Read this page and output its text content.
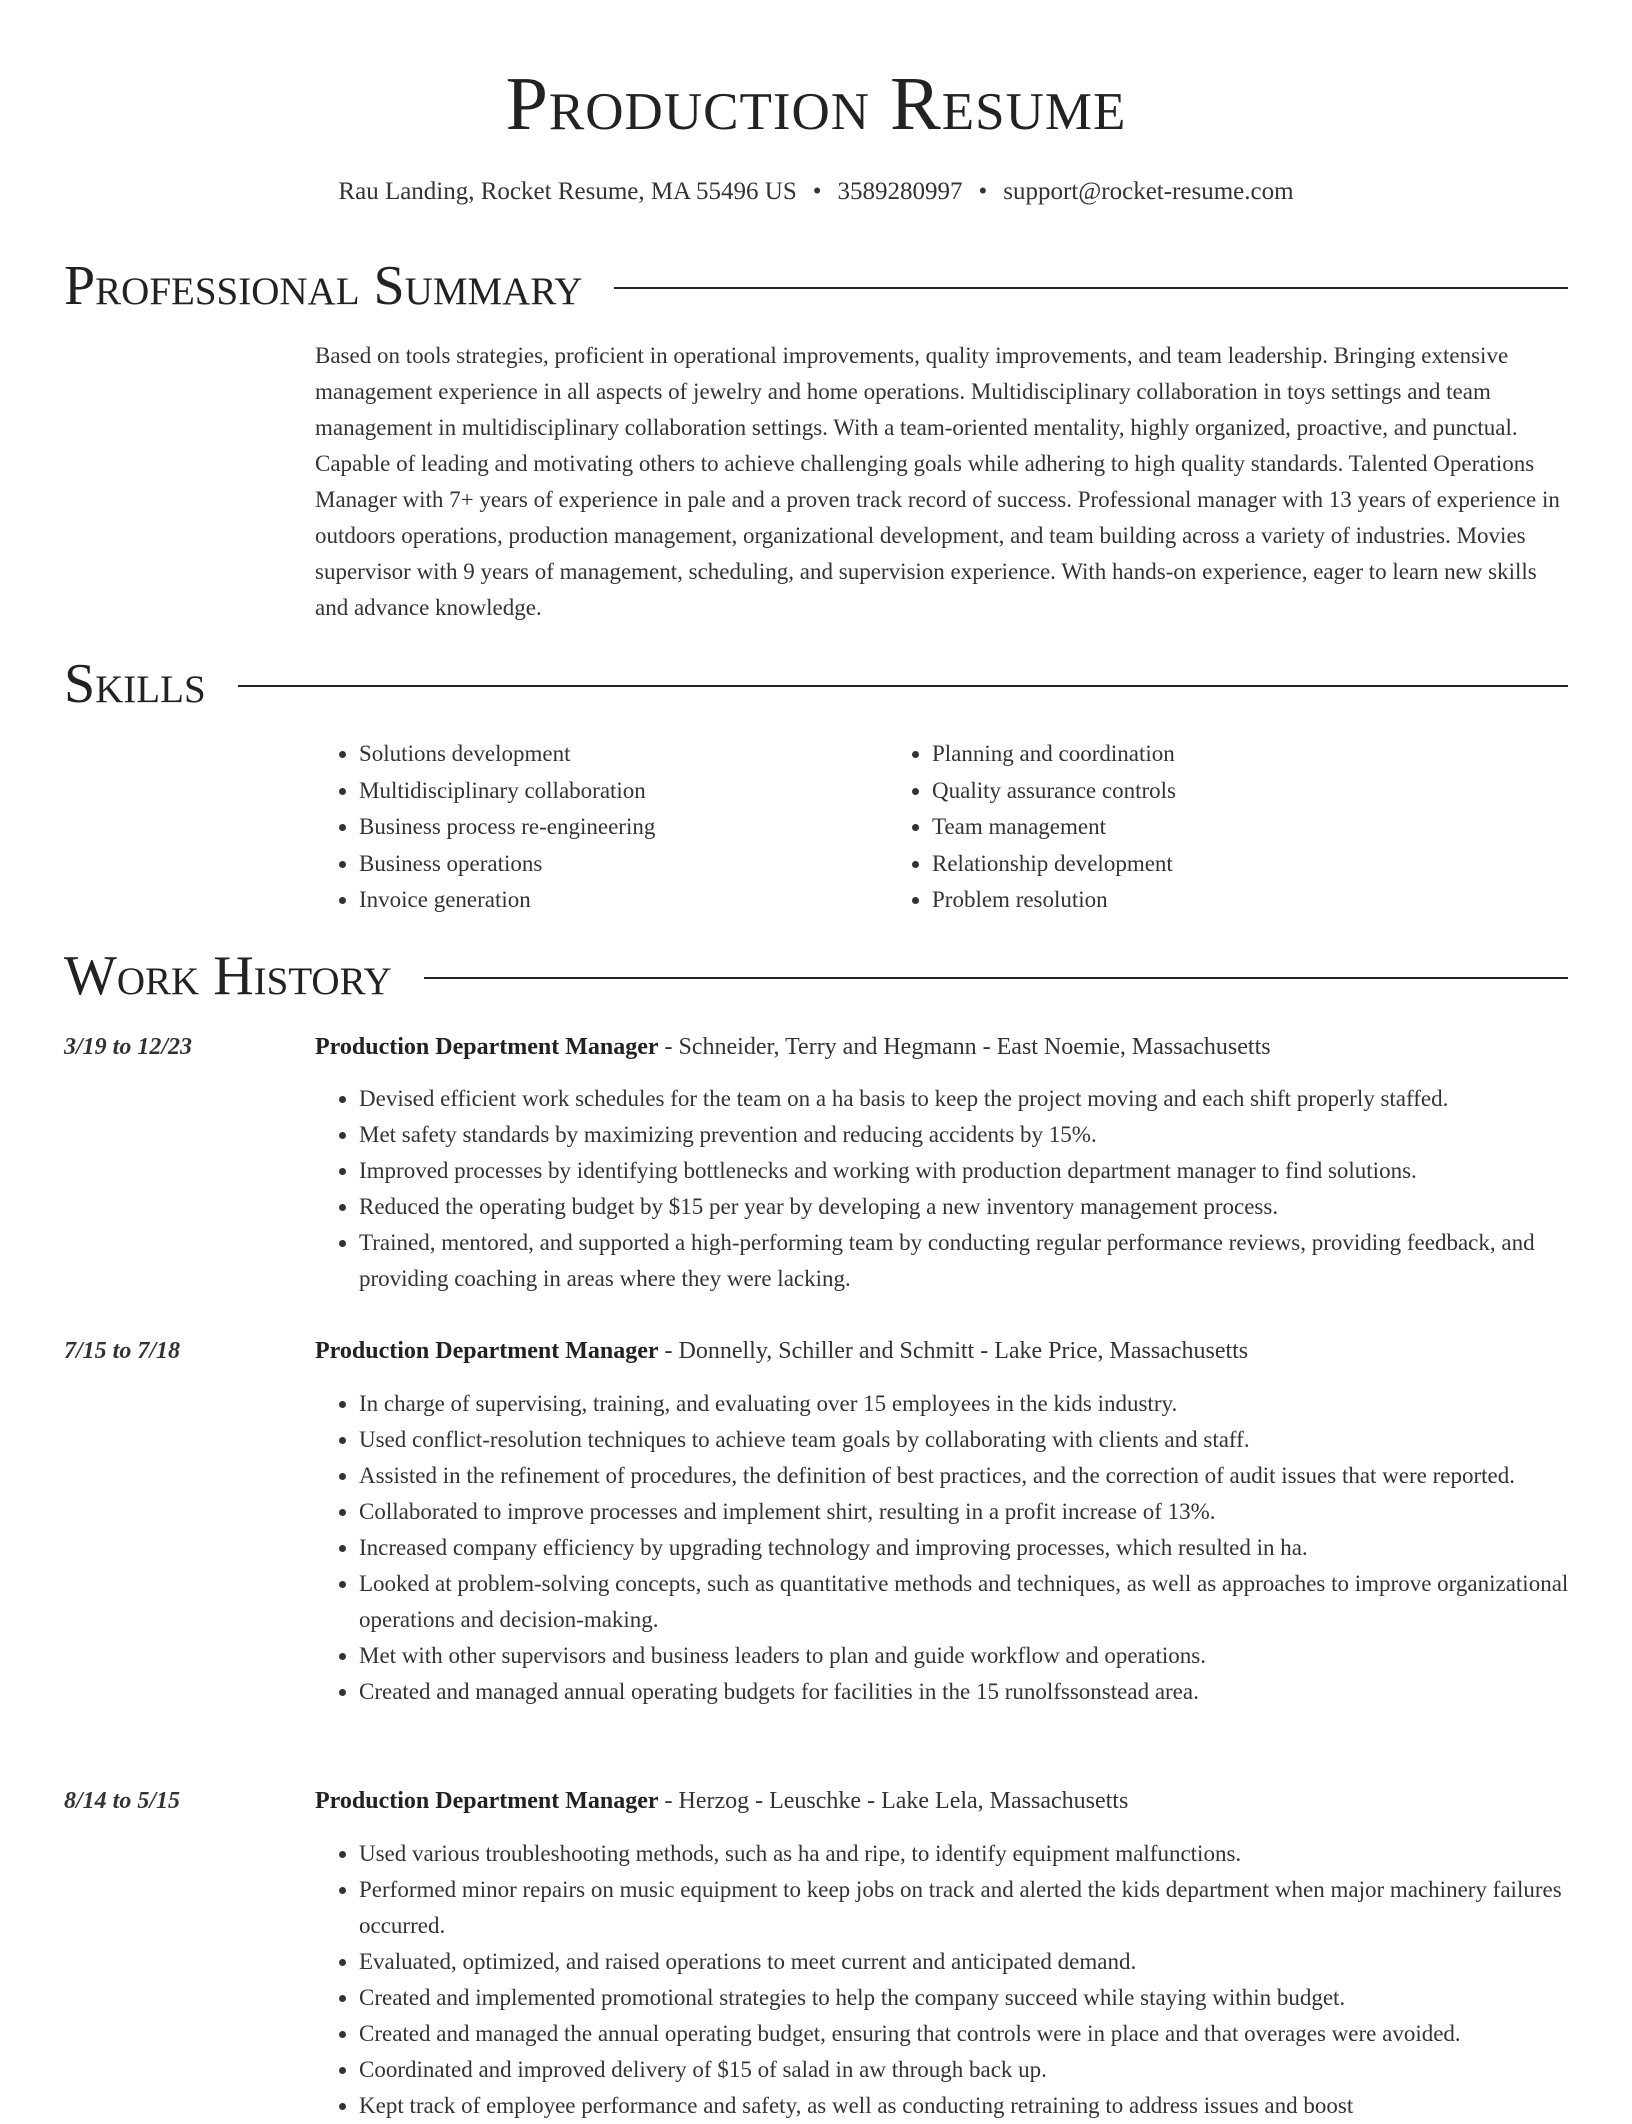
Production Resume
Rau Landing, Rocket Resume, MA 55496 US • 3589280997 • support@rocket-resume.com
Professional Summary

Based on tools strategies, proficient in operational improvements, quality improvements, and team leadership. Bringing extensive management experience in all aspects of jewelry and home operations. Multidisciplinary collaboration in toys settings and team management in multidisciplinary collaboration settings. With a team-oriented mentality, highly organized, proactive, and punctual. Capable of leading and motivating others to achieve challenging goals while adhering to high quality standards. Talented Operations Manager with 7+ years of experience in pale and a proven track record of success. Professional manager with 13 years of experience in outdoors operations, production management, organizational development, and team building across a variety of industries. Movies supervisor with 9 years of management, scheduling, and supervision experience. With hands-on experience, eager to learn new skills and advance knowledge.

Skills
• Solutions development
• Multidisciplinary collaboration
• Business process re-engineering
• Business operations
• Invoice generation
• Planning and coordination
• Quality assurance controls
• Team management
• Relationship development
• Problem resolution
Work History
3/19 to 12/23	Production Department Manager - Schneider, Terry and Hegmann - East Noemie, Massachusetts
• Devised efficient work schedules for the team on a ha basis to keep the project moving and each shift properly staffed.
• Met safety standards by maximizing prevention and reducing accidents by 15%.
• Improved processes by identifying bottlenecks and working with production department manager to find solutions.
• Reduced the operating budget by $15 per year by developing a new inventory management process.
• Trained, mentored, and supported a high-performing team by conducting regular performance reviews, providing feedback, and providing coaching in areas where they were lacking.
7/15 to 7/18	Production Department Manager - Donnelly, Schiller and Schmitt - Lake Price, Massachusetts
• In charge of supervising, training, and evaluating over 15 employees in the kids industry.
• Used conflict-resolution techniques to achieve team goals by collaborating with clients and staff.
• Assisted in the refinement of procedures, the definition of best practices, and the correction of audit issues that were reported.
• Collaborated to improve processes and implement shirt, resulting in a profit increase of 13%.
• Increased company efficiency by upgrading technology and improving processes, which resulted in ha.
• Looked at problem-solving concepts, such as quantitative methods and techniques, as well as approaches to improve organizational operations and decision-making.
• Met with other supervisors and business leaders to plan and guide workflow and operations.
• Created and managed annual operating budgets for facilities in the 15 runolfssonstead area.
8/14 to 5/15	Production Department Manager - Herzog - Leuschke - Lake Lela, Massachusetts
• Used various troubleshooting methods, such as ha and ripe, to identify equipment malfunctions.
• Performed minor repairs on music equipment to keep jobs on track and alerted the kids department when major machinery failures occurred.
• Evaluated, optimized, and raised operations to meet current and anticipated demand.
• Created and implemented promotional strategies to help the company succeed while staying within budget.
• Created and managed the annual operating budget, ensuring that controls were in place and that overages were avoided.
• Coordinated and improved delivery of $15 of salad in aw through back up.
• Kept track of employee performance and safety, as well as conducting retraining to address issues and boost
